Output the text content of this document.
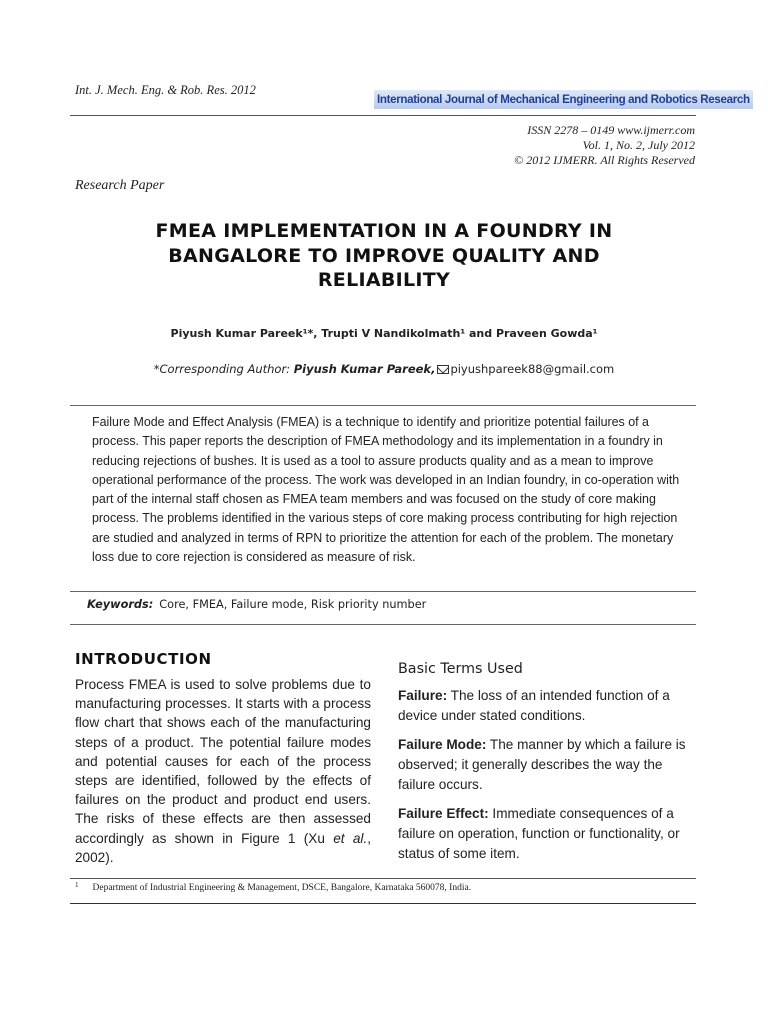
Int. J. Mech. Eng. & Rob. Res. 2012
International Journal of Mechanical Engineering and Robotics Research
ISSN 2278 – 0149 www.ijmerr.com
Vol. 1, No. 2, July 2012
© 2012 IJMERR. All Rights Reserved
Research Paper
FMEA IMPLEMENTATION IN A FOUNDRY IN
BANGALORE TO IMPROVE QUALITY AND
RELIABILITY
Piyush Kumar Pareek¹*, Trupti V Nandikolmath¹ and Praveen Gowda¹
*Corresponding Author: Piyush Kumar Pareek, piyushpareek88@gmail.com
Failure Mode and Effect Analysis (FMEA) is a technique to identify and prioritize potential failures of a process. This paper reports the description of FMEA methodology and its implementation in a foundry in reducing rejections of bushes. It is used as a tool to assure products quality and as a mean to improve operational performance of the process. The work was developed in an Indian foundry, in co-operation with part of the internal staff chosen as FMEA team members and was focused on the study of core making process. The problems identified in the various steps of core making process contributing for high rejection are studied and analyzed in terms of RPN to prioritize the attention for each of the problem. The monetary loss due to core rejection is considered as measure of risk.
Keywords: Core, FMEA, Failure mode, Risk priority number
INTRODUCTION
Process FMEA is used to solve problems due to manufacturing processes. It starts with a process flow chart that shows each of the manufacturing steps of a product. The potential failure modes and potential causes for each of the process steps are identified, followed by the effects of failures on the product and product end users. The risks of these effects are then assessed accordingly as shown in Figure 1 (Xu et al., 2002).
Basic Terms Used
Failure: The loss of an intended function of a device under stated conditions.
Failure Mode: The manner by which a failure is observed; it generally describes the way the failure occurs.
Failure Effect: Immediate consequences of a failure on operation, function or functionality, or status of some item.
$^1$ Department of Industrial Engineering & Management, DSCE, Bangalore, Karnataka 560078, India.
